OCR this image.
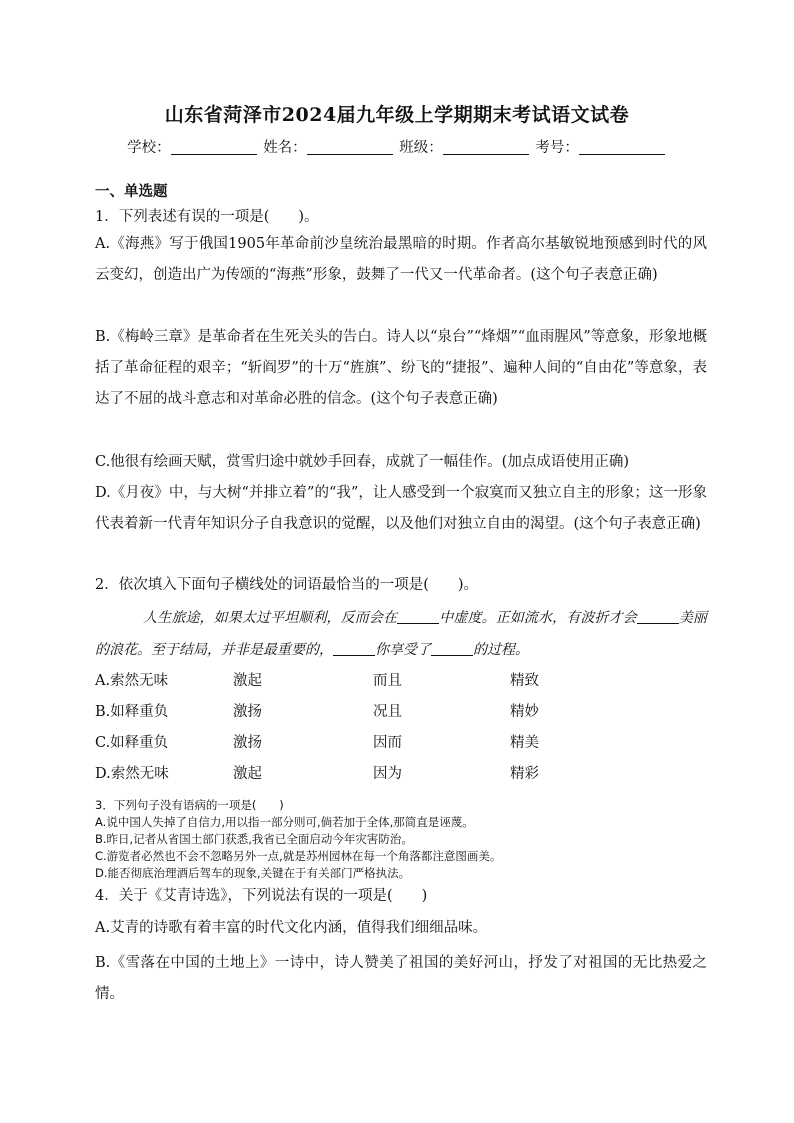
山东省菏泽市2024届九年级上学期期末考试语文试卷
学校：	姓名：	班级：	考号：
一、单选题
1．下列表述有误的一项是(　　)。
A.《海燕》写于俄国1905年革命前沙皇统治最黑暗的时期。作者高尔基敏锐地预感到时代的风云变幻，创造出广为传颂的“海燕”形象，鼓舞了一代又一代革命者。(这个句子表意正确)
B.《梅岭三章》是革命者在生死关头的告白。诗人以“泉台”“烽烟”“血雨腥风”等意象，形象地概括了革命征程的艰辛；“斩阎罗”的十万“旌旗”、纷飞的“捷报”、遍种人间的“自由花”等意象，表达了不屈的战斗意志和对革命必胜的信念。(这个句子表意正确)
C.他很有绘画天赋，赏雪归途中就妙手回春，成就了一幅佳作。(加点成语使用正确)
D.《月夜》中，与大树“并排立着”的“我”，让人感受到一个寂寞而又独立自主的形象；这一形象代表着新一代青年知识分子自我意识的觉醒，以及他们对独立自由的渴望。(这个句子表意正确)
2．依次填入下面句子横线处的词语最恰当的一项是(　　)。
人生旅途，如果太过平坦顺利，反而会在	中虚度。正如流水，有波折才会	美丽的浪花。至于结局，并非是最重要的，	你享受了	的过程。
A.索然无味	激起	而且	精致
B.如释重负	激扬	况且	精妙
C.如释重负	激扬	因而	精美
D.索然无味	激起	因为	精彩
3．下列句子没有语病的一项是(　　)
A.说中国人失掉了自信力,用以指一部分则可,倘若加于全体,那简直是诬蔑。
B.昨日,记者从省国土部门获悉,我省已全面启动今年灾害防治。
C.游览者必然也不会不忽略另外一点,就是苏州园林在每一个角落都注意图画美。
D.能否彻底治理酒后驾车的现象,关键在于有关部门严格执法。
4．关于《艾青诗选》，下列说法有误的一项是(　　)
A.艾青的诗歌有着丰富的时代文化内涵，值得我们细细品味。
B.《雪落在中国的土地上》一诗中，诗人赞美了祖国的美好河山，抒发了对祖国的无比热爱之情。
